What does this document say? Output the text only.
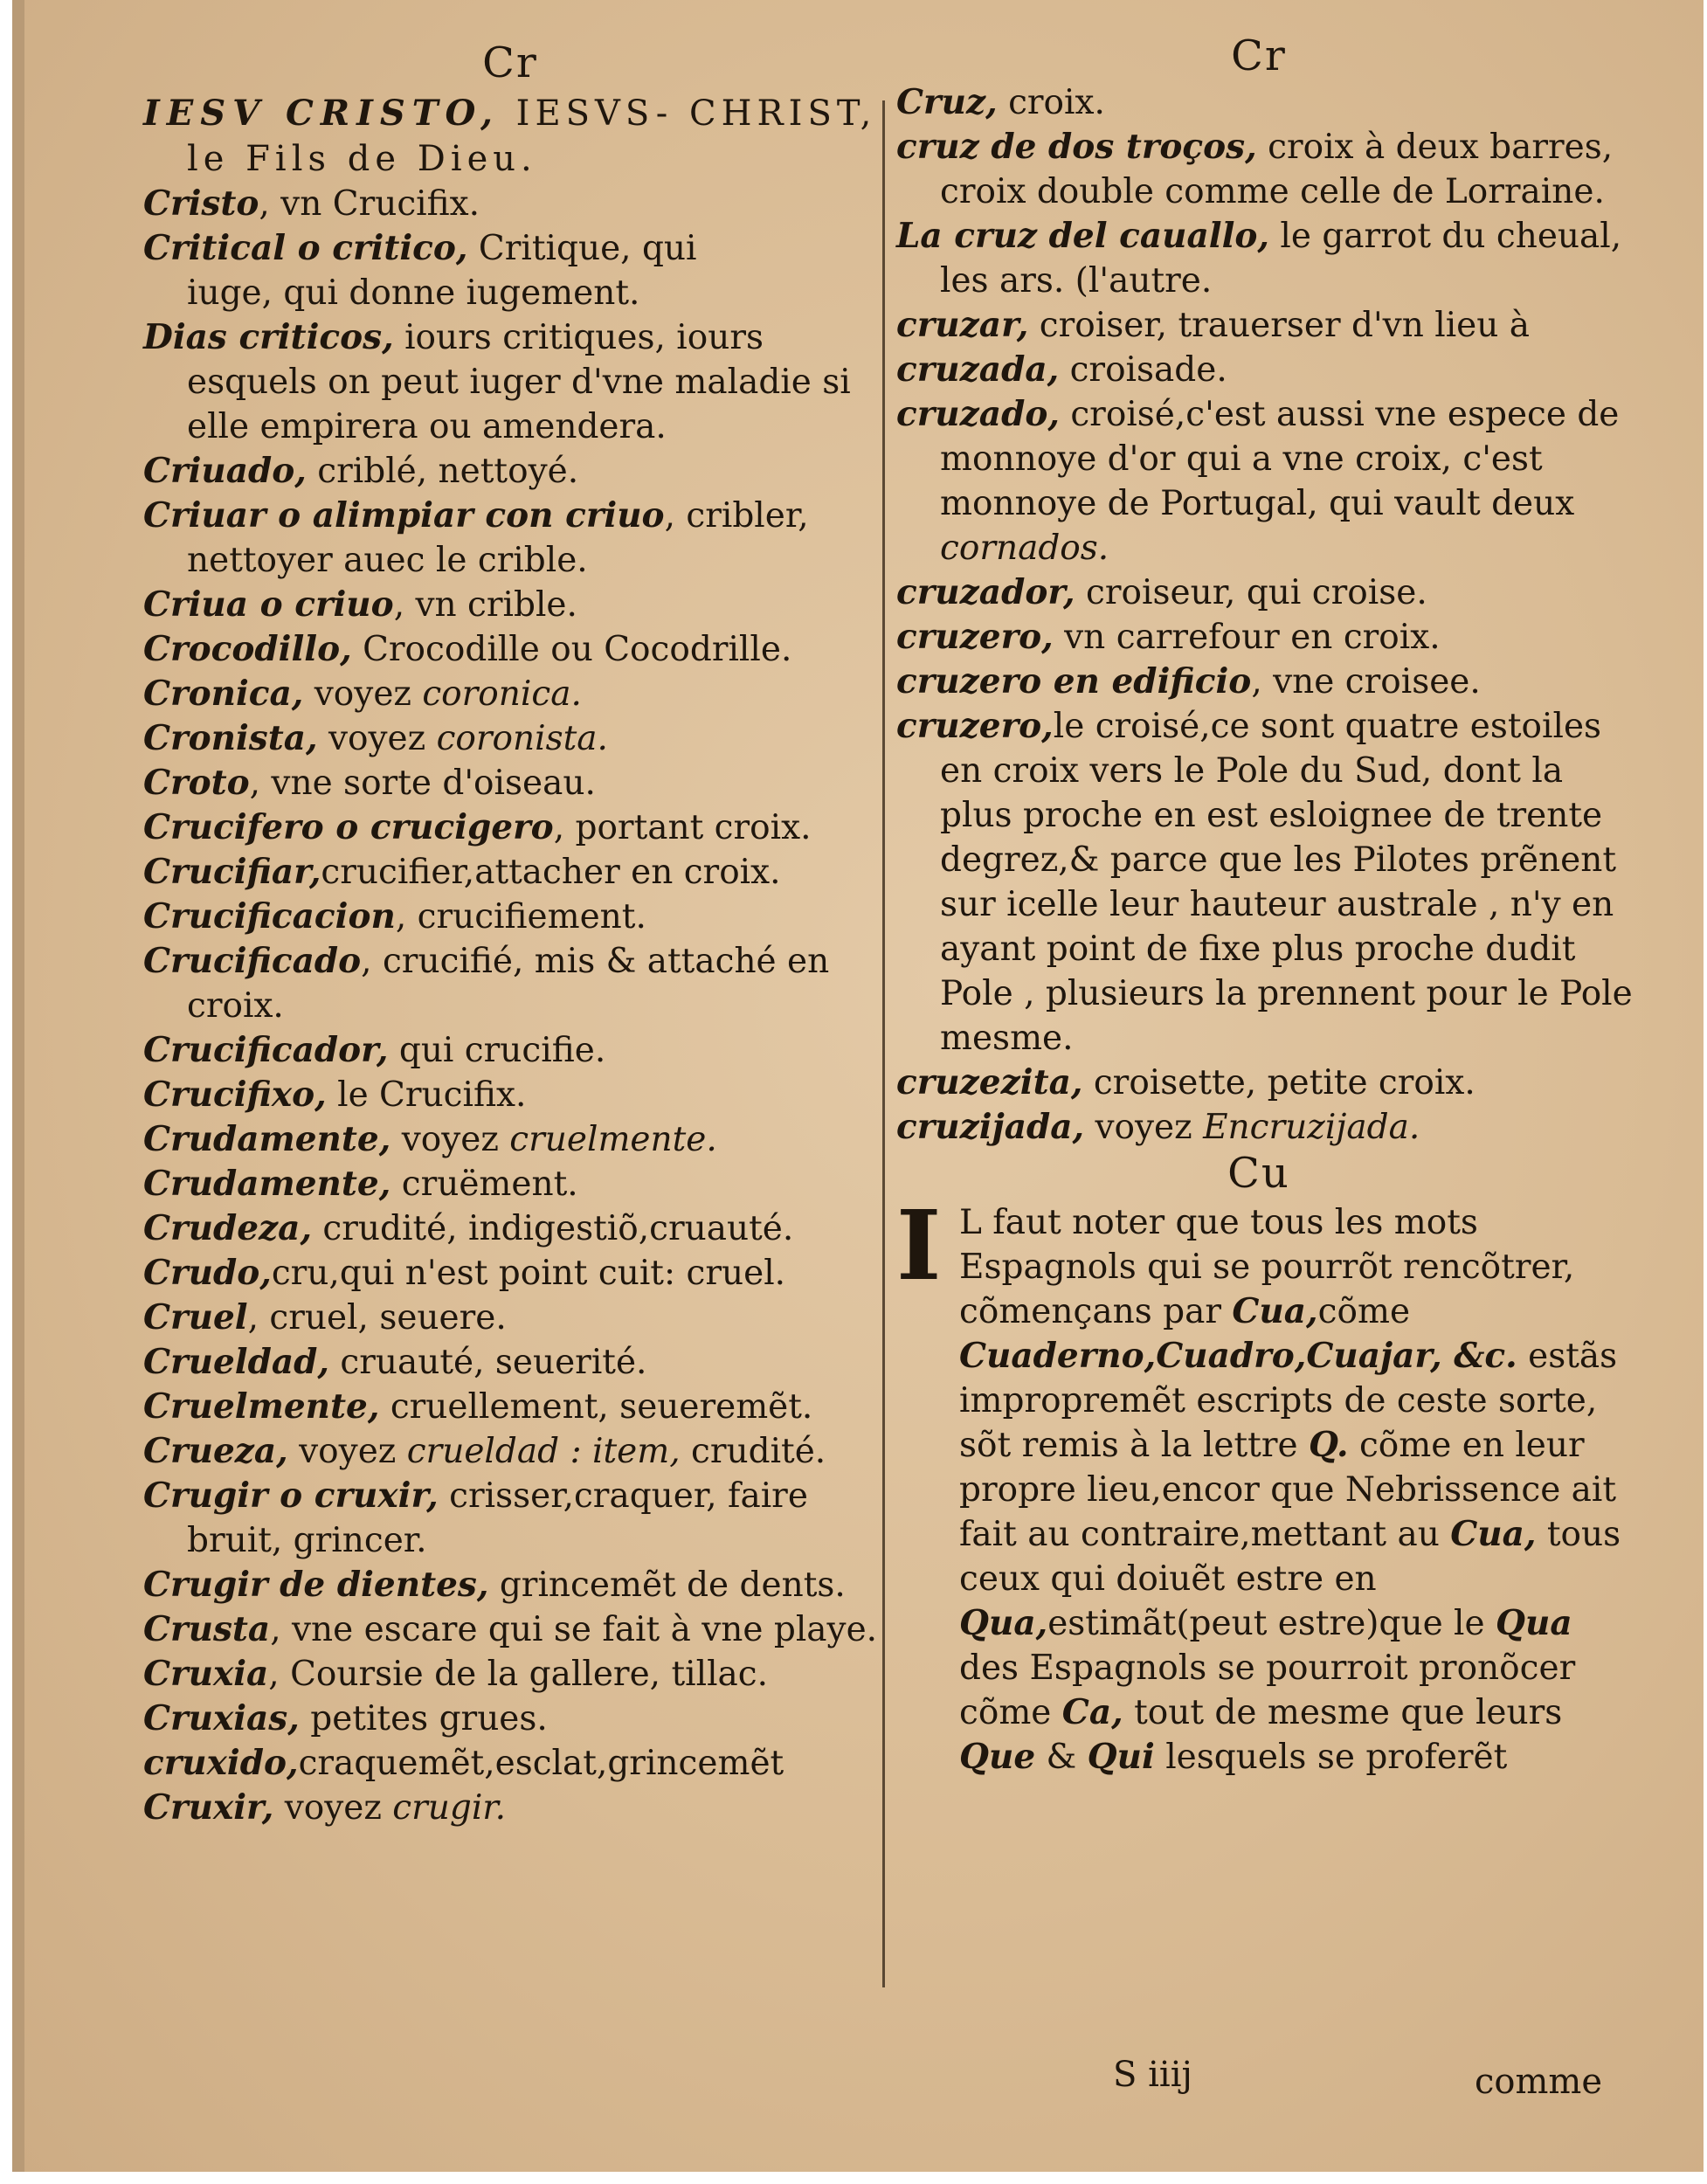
Cr
IESV CRISTO, IESVS- CHRIST, le Fils de Dieu.
Cristo, vn Crucifix.
Critical o critico, Critique, qui iuge, qui donne iugement.
Dias criticos, iours critiques, iours esquels on peut iuger d'vne maladie si elle empirera ou amendera.
Criuado, criblé, nettoyé.
Criuar o alimpiar con criuo, cribler, nettoyer auec le crible.
Criua o criuo, vn crible.
Crocodillo, Crocodille ou Cocodrille.
Cronica, voyez coronica.
Cronista, voyez coronista.
Croto, vne sorte d'oiseau.
Crucifero o crucigero, portant croix.
Crucifiar,crucifier,attacher en croix.
Crucificacion, crucifiement.
Crucificado, crucifié, mis & attaché en croix.
Crucificador, qui crucifie.
Crucifixo, le Crucifix.
Crudamente, voyez cruelmente.
Crudamente, cruëment.
Crudeza, crudité, indigestiõ,cruauté.
Crudo,cru,qui n'est point cuit: cruel.
Cruel, cruel, seuere.
Crueldad, cruauté, seuerité.
Cruelmente, cruellement, seueremẽt.
Crueza, voyez crueldad : item, crudité.
Crugir o cruxir, crisser,craquer, faire bruit, grincer.
Crugir de dientes, grincemẽt de dents.
Crusta, vne escare qui se fait à vne playe.
Cruxia, Coursie de la gallere, tillac.
Cruxias, petites grues.
cruxido,craquemẽt,esclat,grincemẽt
Cruxir, voyez crugir.
Cr
Cruz, croix.
cruz de dos troços, croix à deux barres, croix double comme celle de Lorraine.
La cruz del cauallo, le garrot du cheual, les ars. (l'autre.
cruzar, croiser, trauerser d'vn lieu à
cruzada, croisade.
cruzado, croisé,c'est aussi vne espece de monnoye d'or qui a vne croix, c'est monnoye de Portugal, qui vault deux cornados.
cruzador, croiseur, qui croise.
cruzero, vn carrefour en croix.
cruzero en edificio, vne croisee.
cruzero,le croisé,ce sont quatre estoiles en croix vers le Pole du Sud, dont la plus proche en est esloignee de trente degrez,& parce que les Pilotes prẽnent sur icelle leur hauteur australe , n'y en ayant point de fixe plus proche dudit Pole , plusieurs la prennent pour le Pole mesme.
cruzezita, croisette, petite croix.
cruzijada, voyez Encruzijada.
Cu
I L faut noter que tous les mots Espagnols qui se pourrõt rencõtrer, cõmençans par Cua,cõme Cuaderno,Cuadro,Cuajar, &c. estãs impropremẽt escripts de ceste sorte, sõt remis à la lettre Q. cõme en leur propre lieu,encor que Nebrissence ait fait au contraire,mettant au Cua, tous ceux qui doiuẽt estre en Qua,estimãt(peut estre)que le Qua des Espagnols se pourroit pronõcer cõme Ca, tout de mesme que leurs Que & Qui lesquels se proferẽt
S iiij	comme
